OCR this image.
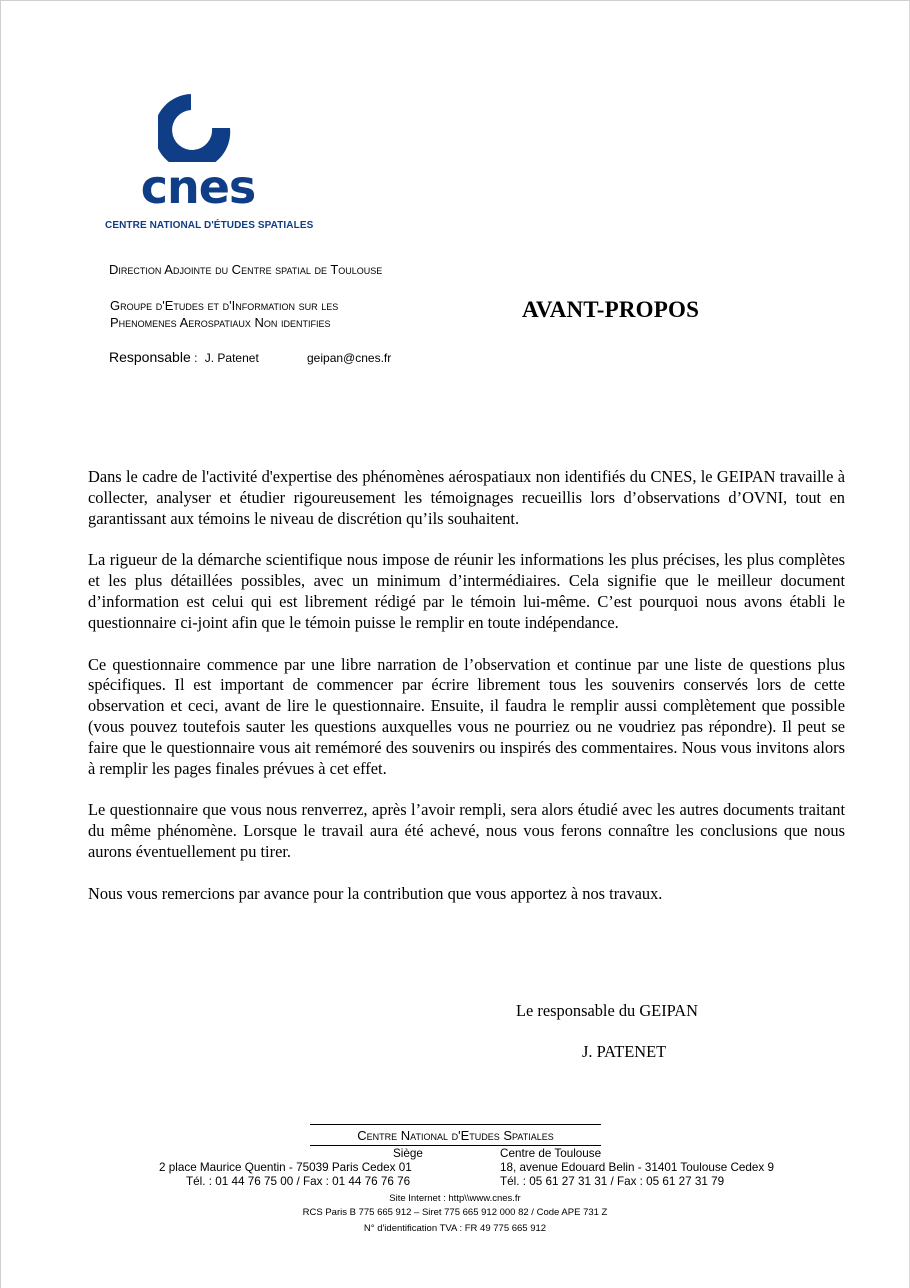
cnes
CENTRE NATIONAL D'ÉTUDES SPATIALES
Direction Adjointe du Centre spatial de Toulouse
Groupe d'Etudes et d'Information sur les
Phenomenes Aerospatiaux Non identifies
Responsable : J. Patenet	geipan@cnes.fr
AVANT-PROPOS

Dans le cadre de l'activité d'expertise des phénomènes aérospatiaux non identifiés du CNES, le GEIPAN travaille à collecter, analyser et étudier rigoureusement les témoignages recueillis lors d’observations d’OVNI, tout en garantissant aux témoins le niveau de discrétion qu’ils souhaitent.

La rigueur de la démarche scientifique nous impose de réunir les informations les plus précises, les plus complètes et les plus détaillées possibles, avec un minimum d’intermédiaires. Cela signifie que le meilleur document d’information est celui qui est librement rédigé par le témoin lui-même. C’est pourquoi nous avons établi le questionnaire ci-joint afin que le témoin puisse le remplir en toute indépendance.

Ce questionnaire commence par une libre narration de l’observation et continue par une liste de questions plus spécifiques. Il est important de commencer par écrire librement tous les souvenirs conservés lors de cette observation et ceci, avant de lire le questionnaire. Ensuite, il faudra le remplir aussi complètement que possible (vous pouvez toutefois sauter les questions auxquelles vous ne pourriez ou ne voudriez pas répondre). Il peut se faire que le questionnaire vous ait remémoré des souvenirs ou inspirés des commentaires. Nous vous invitons alors à remplir les pages finales prévues à cet effet.

Le questionnaire que vous nous renverrez, après l’avoir rempli, sera alors étudié avec les autres documents traitant du même phénomène. Lorsque le travail aura été achevé, nous vous ferons connaître les conclusions que nous aurons éventuellement pu tirer.

Nous vous remercions par avance pour la contribution que vous apportez à nos travaux.

Le responsable du GEIPAN
J. PATENET
Centre National d'Etudes Spatiales
Siège
2 place Maurice Quentin - 75039 Paris Cedex 01
Tél. : 01 44 76 75 00 / Fax : 01 44 76 76 76
Centre de Toulouse
18, avenue Edouard Belin - 31401 Toulouse Cedex 9
Tél. : 05 61 27 31 31 / Fax : 05 61 27 31 79
Site Internet : http\\www.cnes.fr
RCS Paris B 775 665 912 – Siret 775 665 912 000 82 / Code APE 731 Z
N° d'identification TVA : FR 49 775 665 912
